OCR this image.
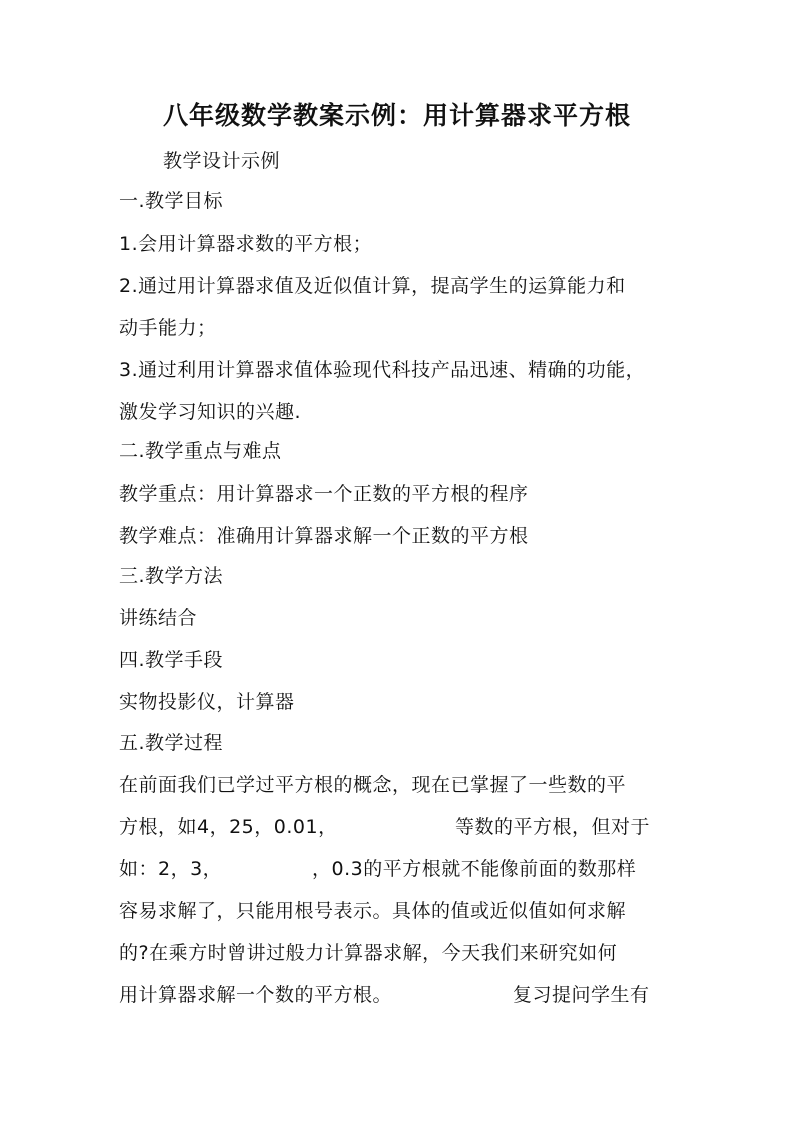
八年级数学教案示例：用计算器求平方根
教学设计示例
一.教学目标
1.会用计算器求数的平方根；
2.通过用计算器求值及近似值计算，提高学生的运算能力和
动手能力；
3.通过利用计算器求值体验现代科技产品迅速、精确的功能，
激发学习知识的兴趣.
二.教学重点与难点
教学重点：用计算器求一个正数的平方根的程序
教学难点：准确用计算器求解一个正数的平方根
三.教学方法
讲练结合
四.教学手段
实物投影仪，计算器
五.教学过程
在前面我们已学过平方根的概念，现在已掌握了一些数的平
方根，如4，25，0.01，	等数的平方根，但对于
如：2，3，	，0.3的平方根就不能像前面的数那样
容易求解了，只能用根号表示。具体的值或近似值如何求解
的?在乘方时曾讲过般力计算器求解，今天我们来研究如何
用计算器求解一个数的平方根。	复习提问学生有
